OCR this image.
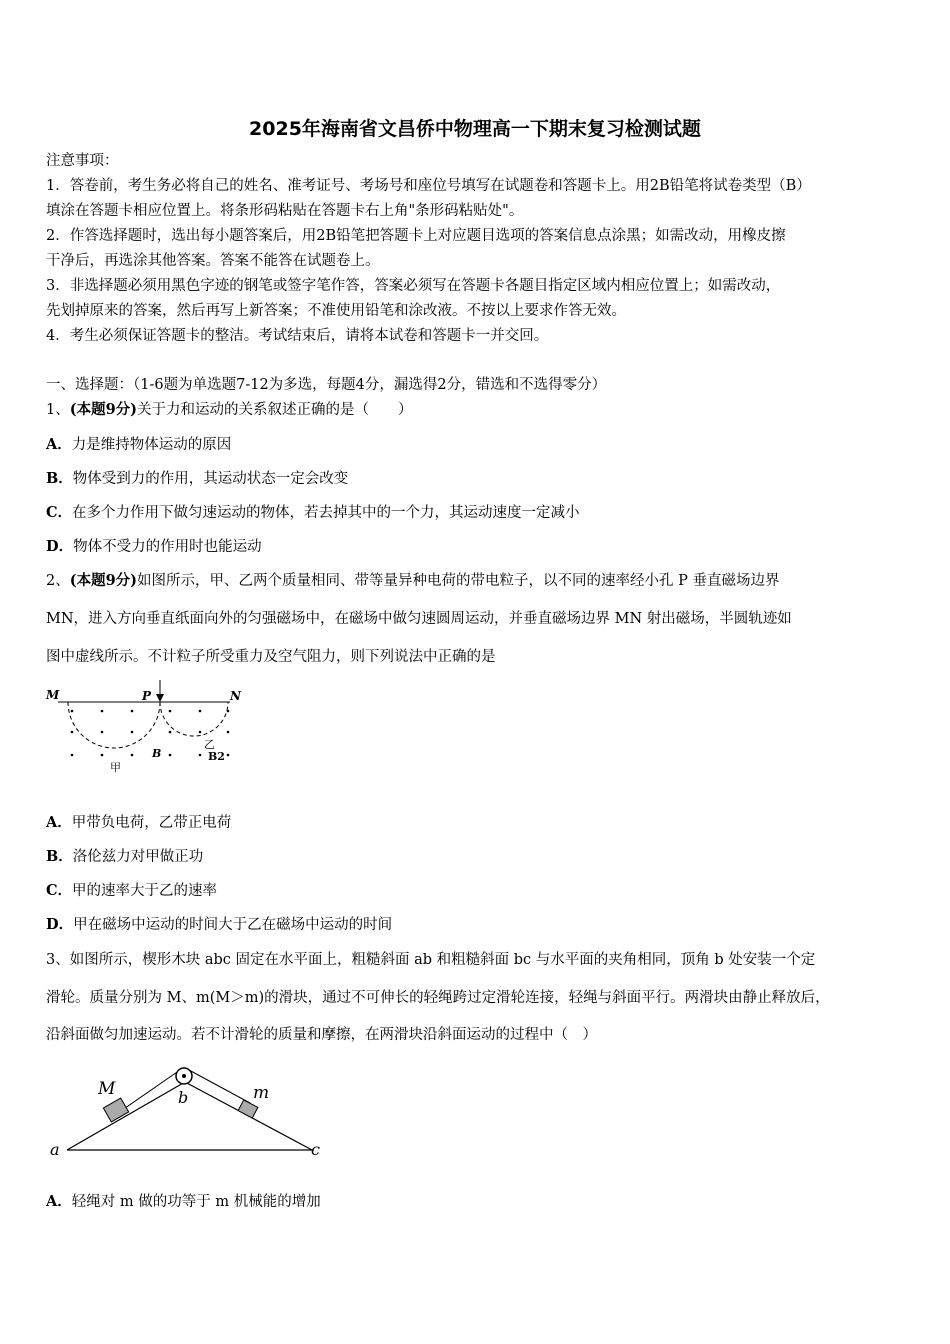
2025年海南省文昌侨中物理高一下期末复习检测试题
注意事项：
1．答卷前，考生务必将自己的姓名、准考证号、考场号和座位号填写在试题卷和答题卡上。用2B铅笔将试卷类型（B）
填涂在答题卡相应位置上。将条形码粘贴在答题卡右上角"条形码粘贴处"。
2．作答选择题时，选出每小题答案后，用2B铅笔把答题卡上对应题目选项的答案信息点涂黑；如需改动，用橡皮擦
干净后，再选涂其他答案。答案不能答在试题卷上。
3．非选择题必须用黑色字迹的钢笔或签字笔作答，答案必须写在答题卡各题目指定区域内相应位置上；如需改动，
先划掉原来的答案，然后再写上新答案；不准使用铅笔和涂改液。不按以上要求作答无效。
4．考生必须保证答题卡的整洁。考试结束后，请将本试卷和答题卡一并交回。
一、选择题：（1-6题为单选题7-12为多选，每题4分，漏选得2分，错选和不选得零分）
1、(本题9分)关于力和运动的关系叙述正确的是（　　）
A．力是维持物体运动的原因
B．物体受到力的作用，其运动状态一定会改变
C．在多个力作用下做匀速运动的物体，若去掉其中的一个力，其运动速度一定减小
D．物体不受力的作用时也能运动
2、(本题9分)如图所示，甲、乙两个质量相同、带等量异种电荷的带电粒子，以不同的速率经小孔 P 垂直磁场边界
MN，进入方向垂直纸面向外的匀强磁场中，在磁场中做匀速圆周运动，并垂直磁场边界 MN 射出磁场，半圆轨迹如
图中虚线所示。不计粒子所受重力及空气阻力，则下列说法中正确的是
M	P	N
B
乙
B2
甲
A．甲带负电荷，乙带正电荷
B．洛伦兹力对甲做正功
C．甲的速率大于乙的速率
D．甲在磁场中运动的时间大于乙在磁场中运动的时间
3、如图所示，楔形木块 abc 固定在水平面上，粗糙斜面 ab 和粗糙斜面 bc 与水平面的夹角相同，顶角 b 处安装一个定
滑轮。质量分别为 M、m(M＞m)的滑块，通过不可伸长的轻绳跨过定滑轮连接，轻绳与斜面平行。两滑块由静止释放后，
沿斜面做匀加速运动。若不计滑轮的质量和摩擦，在两滑块沿斜面运动的过程中（　）
M	m
b
a	c
A．轻绳对 m 做的功等于 m 机械能的增加
